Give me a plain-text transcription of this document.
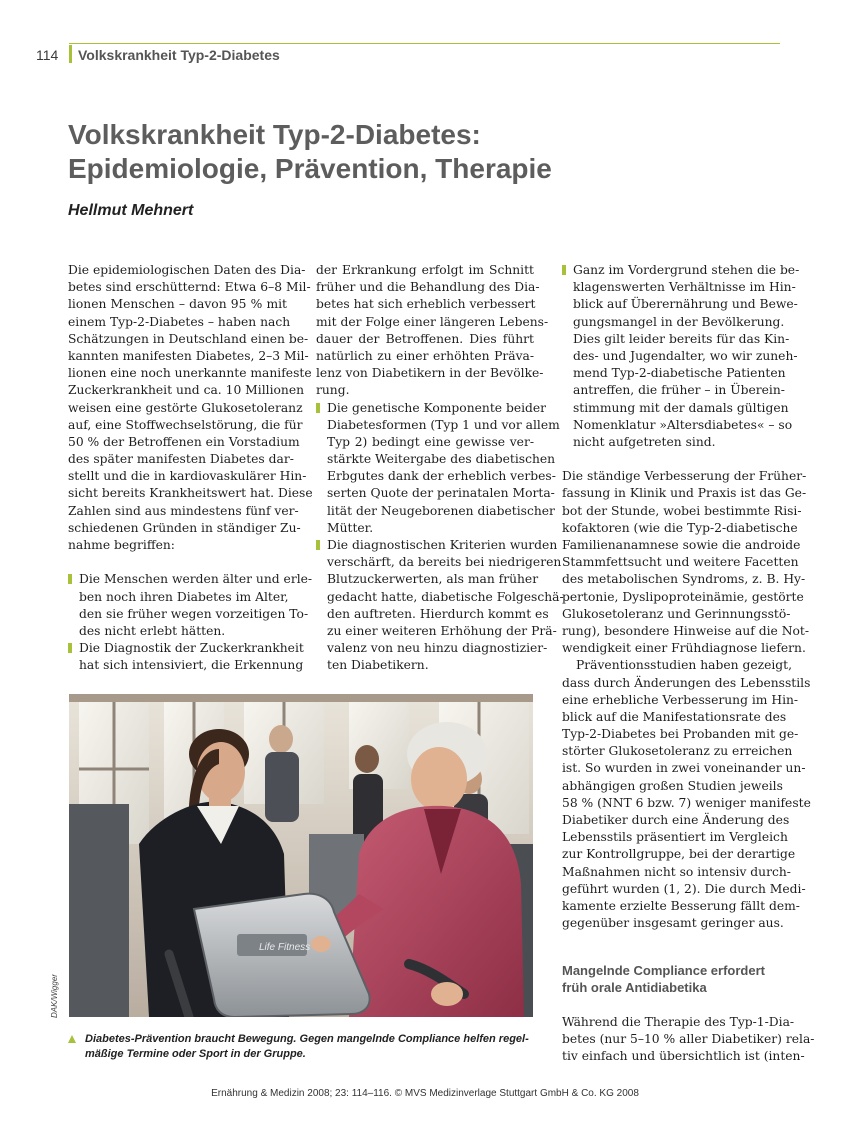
114 Volkskrankheit Typ-2-Diabetes
Volkskrankheit Typ-2-Diabetes:
Epidemiologie, Prävention, Therapie
Hellmut Mehnert
Die epidemiologischen Daten des Dia-
betes sind erschütternd: Etwa 6–8 Mil-
lionen Menschen – davon 95 % mit
einem Typ-2-Diabetes – haben nach
Schätzungen in Deutschland einen be-
kannten manifesten Diabetes, 2–3 Mil-
lionen eine noch unerkannte manifeste
Zuckerkrankheit und ca. 10 Millionen
weisen eine gestörte Glukosetoleranz
auf, eine Stoffwechselstörung, die für
50 % der Betroffenen ein Vorstadium
des später manifesten Diabetes dar-
stellt und die in kardiovaskulärer Hin-
sicht bereits Krankheitswert hat. Diese
Zahlen sind aus mindestens fünf ver-
schiedenen Gründen in ständiger Zu-
nahme begriffen:
Die Menschen werden älter und erle-
ben noch ihren Diabetes im Alter,
den sie früher wegen vorzeitigen To-
des nicht erlebt hätten.
Die Diagnostik der Zuckerkrankheit
hat sich intensiviert, die Erkennung
der Erkrankung erfolgt im Schnitt
früher und die Behandlung des Dia-
betes hat sich erheblich verbessert
mit der Folge einer längeren Lebens-
dauer der Betroffenen. Dies führt
natürlich zu einer erhöhten Präva-
lenz von Diabetikern in der Bevölke-
rung.
Die genetische Komponente beider
Diabetesformen (Typ 1 und vor allem
Typ 2) bedingt eine gewisse ver-
stärkte Weitergabe des diabetischen
Erbgutes dank der erheblich verbes-
serten Quote der perinatalen Morta-
lität der Neugeborenen diabetischer
Mütter.
Die diagnostischen Kriterien wurden
verschärft, da bereits bei niedrigeren
Blutzuckerwerten, als man früher
gedacht hatte, diabetische Folgeschä-
den auftreten. Hierdurch kommt es
zu einer weiteren Erhöhung der Prä-
valenz von neu hinzu diagnostizier-
ten Diabetikern.
Ganz im Vordergrund stehen die be-
klagenswerten Verhältnisse im Hin-
blick auf Überernährung und Bewe-
gungsmangel in der Bevölkerung.
Dies gilt leider bereits für das Kin-
des- und Jugendalter, wo wir zuneh-
mend Typ-2-diabetische Patienten
antreffen, die früher – in Überein-
stimmung mit der damals gültigen
Nomenklatur »Altersdiabetes« – so
nicht aufgetreten sind.
Die ständige Verbesserung der Früher-
fassung in Klinik und Praxis ist das Ge-
bot der Stunde, wobei bestimmte Risi-
kofaktoren (wie die Typ-2-diabetische
Familienanamnese sowie die androide
Stammfettsucht und weitere Facetten
des metabolischen Syndroms, z. B. Hy-
pertonie, Dyslipoproteinämie, gestörte
Glukosetoleranz und Gerinnungsstö-
rung), besondere Hinweise auf die Not-
wendigkeit einer Frühdiagnose liefern.
Präventionsstudien haben gezeigt,
dass durch Änderungen des Lebensstils
eine erhebliche Verbesserung im Hin-
blick auf die Manifestationsrate des
Typ-2-Diabetes bei Probanden mit ge-
störter Glukosetoleranz zu erreichen
ist. So wurden in zwei voneinander un-
abhängigen großen Studien jeweils
58 % (NNT 6 bzw. 7) weniger manifeste
Diabetiker durch eine Änderung des
Lebensstils präsentiert im Vergleich
zur Kontrollgruppe, bei der derartige
Maßnahmen nicht so intensiv durch-
geführt wurden (1, 2). Die durch Medi-
kamente erzielte Besserung fällt dem-
gegenüber insgesamt geringer aus.
Mangelnde Compliance erfordert
früh orale Antidiabetika
Während die Therapie des Typ-1-Dia-
betes (nur 5–10 % aller Diabetiker) rela-
tiv einfach und übersichtlich ist (inten-
Life Fitness
DAK/Wigger
Diabetes-Prävention braucht Bewegung. Gegen mangelnde Compliance helfen regel-
mäßige Termine oder Sport in der Gruppe.
Ernährung & Medizin 2008; 23: 114–116. © MVS Medizinverlage Stuttgart GmbH & Co. KG 2008
